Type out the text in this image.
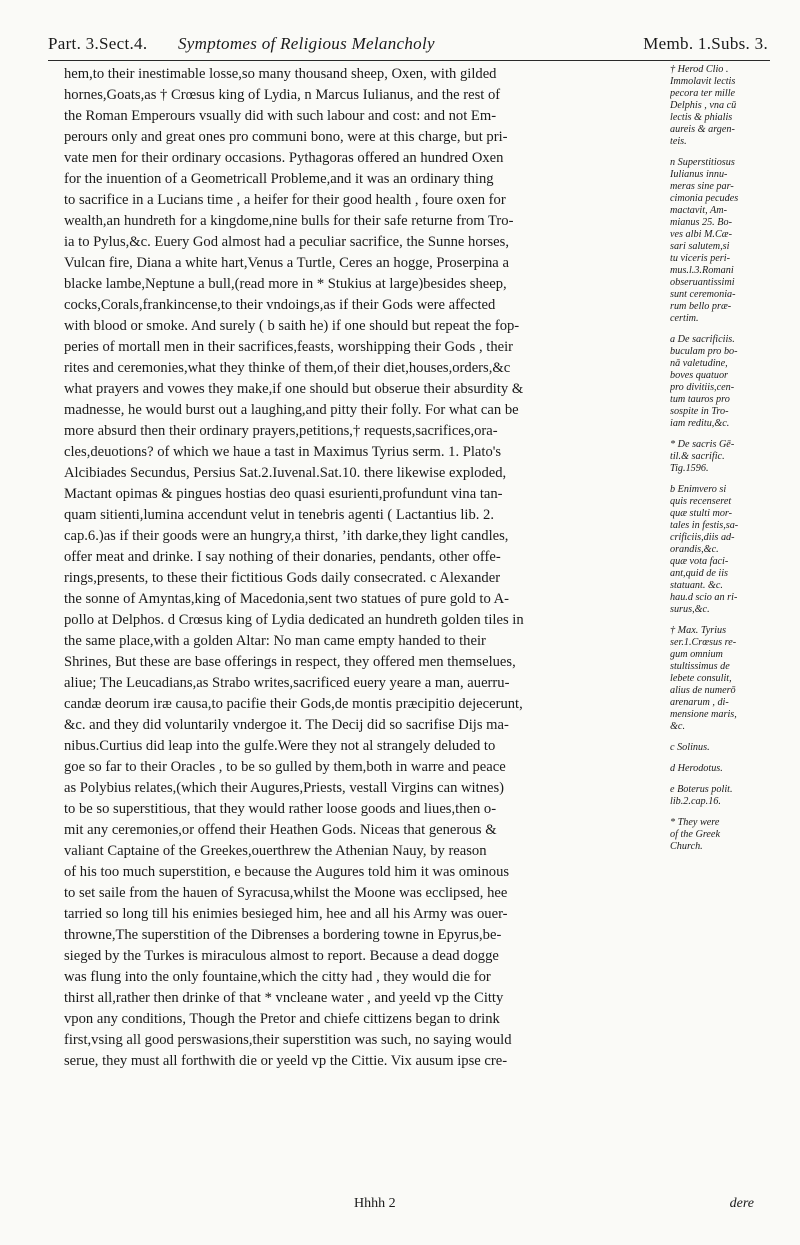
Part. 3.Sect.4. Symptomes of Religious Melancholy	Memb. 1.Subs. 3.
hem,to their inestimable losse,so many thousand sheep, Oxen, with gilded
hornes,Goats,as † Crœsus king of Lydia, n Marcus Iulianus, and the rest of
the Roman Emperours vsually did with such labour and cost: and not Em-
perours only and great ones pro communi bono, were at this charge, but pri-
vate men for their ordinary occasions. Pythagoras offered an hundred Oxen
for the inuention of a Geometricall Probleme,and it was an ordinary thing
to sacrifice in a Lucians time , a heifer for their good health , foure oxen for
wealth,an hundreth for a kingdome,nine bulls for their safe returne from Tro-
ia to Pylus,&c. Euery God almost had a peculiar sacrifice, the Sunne horses,
Vulcan fire, Diana a white hart,Venus a Turtle, Ceres an hogge, Proserpina a
blacke lambe,Neptune a bull,(read more in * Stukius at large)besides sheep,
cocks,Corals,frankincense,to their vndoings,as if their Gods were affected
with blood or smoke. And surely ( b saith he) if one should but repeat the fop-
peries of mortall men in their sacrifices,feasts, worshipping their Gods , their
rites and ceremonies,what they thinke of them,of their diet,houses,orders,&c
what prayers and vowes they make,if one should but obserue their absurdity &
madnesse, he would burst out a laughing,and pitty their folly. For what can be
more absurd then their ordinary prayers,petitions,† requests,sacrifices,ora-
cles,deuotions? of which we haue a tast in Maximus Tyrius serm. 1. Plato's
Alcibiades Secundus, Persius Sat.2.Iuvenal.Sat.10. there likewise exploded,
Mactant opimas & pingues hostias deo quasi esurienti,profundunt vina tan-
quam sitienti,lumina accendunt velut in tenebris agenti ( Lactantius lib. 2.
cap.6.)as if their goods were an hungry,a thirst, ’ith darke,they light candles,
offer meat and drinke. I say nothing of their donaries, pendants, other offe-
rings,presents, to these their fictitious Gods daily consecrated. c Alexander
the sonne of Amyntas,king of Macedonia,sent two statues of pure gold to A-
pollo at Delphos. d Crœsus king of Lydia dedicated an hundreth golden tiles in
the same place,with a golden Altar: No man came empty handed to their
Shrines, But these are base offerings in respect, they offered men themselues,
aliue; The Leucadians,as Strabo writes,sacrificed euery yeare a man, auerru-
candæ deorum iræ causa,to pacifie their Gods,de montis præcipitio dejecerunt,
&c. and they did voluntarily vndergoe it. The Decij did so sacrifise Dijs ma-
nibus.Curtius did leap into the gulfe.Were they not al strangely deluded to
goe so far to their Oracles , to be so gulled by them,both in warre and peace
as Polybius relates,(which their Augures,Priests, vestall Virgins can witnes)
to be so superstitious, that they would rather loose goods and liues,then o-
mit any ceremonies,or offend their Heathen Gods. Niceas that generous &
valiant Captaine of the Greekes,ouerthrew the Athenian Nauy, by reason
of his too much superstition, e because the Augures told him it was ominous
to set saile from the hauen of Syracusa,whilst the Moone was ecclipsed, hee
tarried so long till his enimies besieged him, hee and all his Army was ouer-
throwne,The superstition of the Dibrenses a bordering towne in Epyrus,be-
sieged by the Turkes is miraculous almost to report. Because a dead dogge
was flung into the only fountaine,which the citty had , they would die for
thirst all,rather then drinke of that * vncleane water , and yeeld vp the Citty
vpon any conditions, Though the Pretor and chiefe cittizens began to drink
first,vsing all good perswasions,their superstition was such, no saying would
serue, they must all forthwith die or yeeld vp the Cittie. Vix ausum ipse cre-
† Herod Clio .
Immolavit lectis
pecora ter mille
Delphis , vna cū
lectis & phialis
aureis & argen-
teis.
n Superstitiosus
Iulianus innu-
meras sine par-
cimonia pecudes
mactavit, Am-
mianus 25. Bo-
ves albi M.Cæ-
sari salutem,si
tu viceris peri-
mus.l.3.Romani
obseruantissimi
sunt ceremonia-
rum bello præ-
certim.
a De sacrificiis.
buculam pro bo-
nā valetudine,
boves quatuor
pro divitiis,cen-
tum tauros pro
sospite in Tro-
iam reditu,&c.
* De sacris Gē-
til.& sacrific.
Tig.1596.
b Enimvero si
quis recenseret
quæ stulti mor-
tales in festis,sa-
crificiis,diis ad-
orandis,&c.
quæ vota faci-
ant,quid de iis
statuant. &c.
hau.d scio an ri-
surus,&c.
† Max. Tyrius
ser.1.Crœsus re-
gum omnium
stultissimus de
lebete consulit,
alius de numerō
arenarum , di-
mensione maris,
&c.
c Solinus.
d Herodotus.
e Boterus polit.
lib.2.cap.16.
* They were
of the Greek
Church.
Hhhh 2	dere
